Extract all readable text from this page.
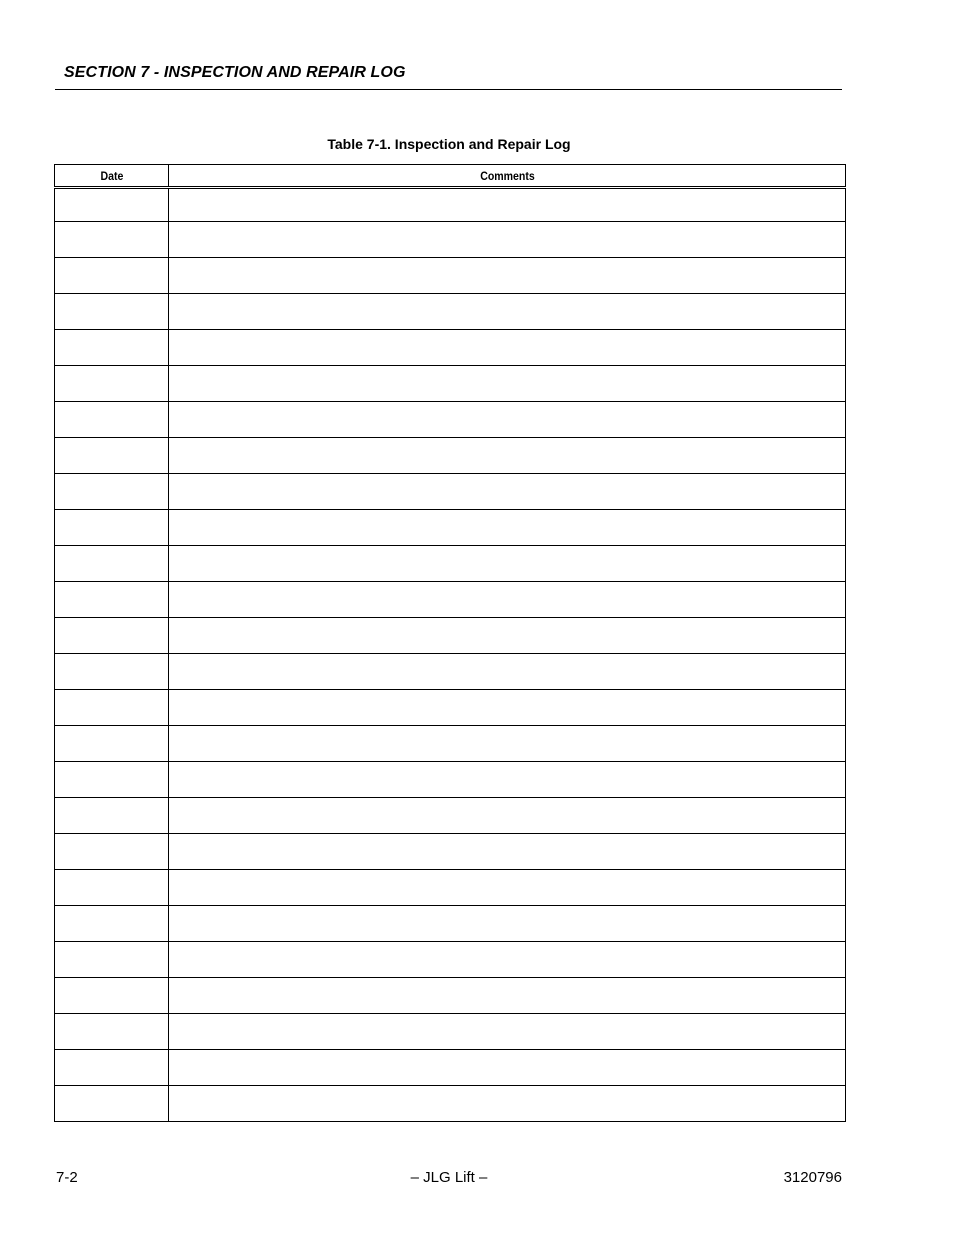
SECTION 7 - INSPECTION AND REPAIR LOG
Table 7-1. Inspection and Repair Log
Date	Comments

7-2	– JLG Lift –	3120796
